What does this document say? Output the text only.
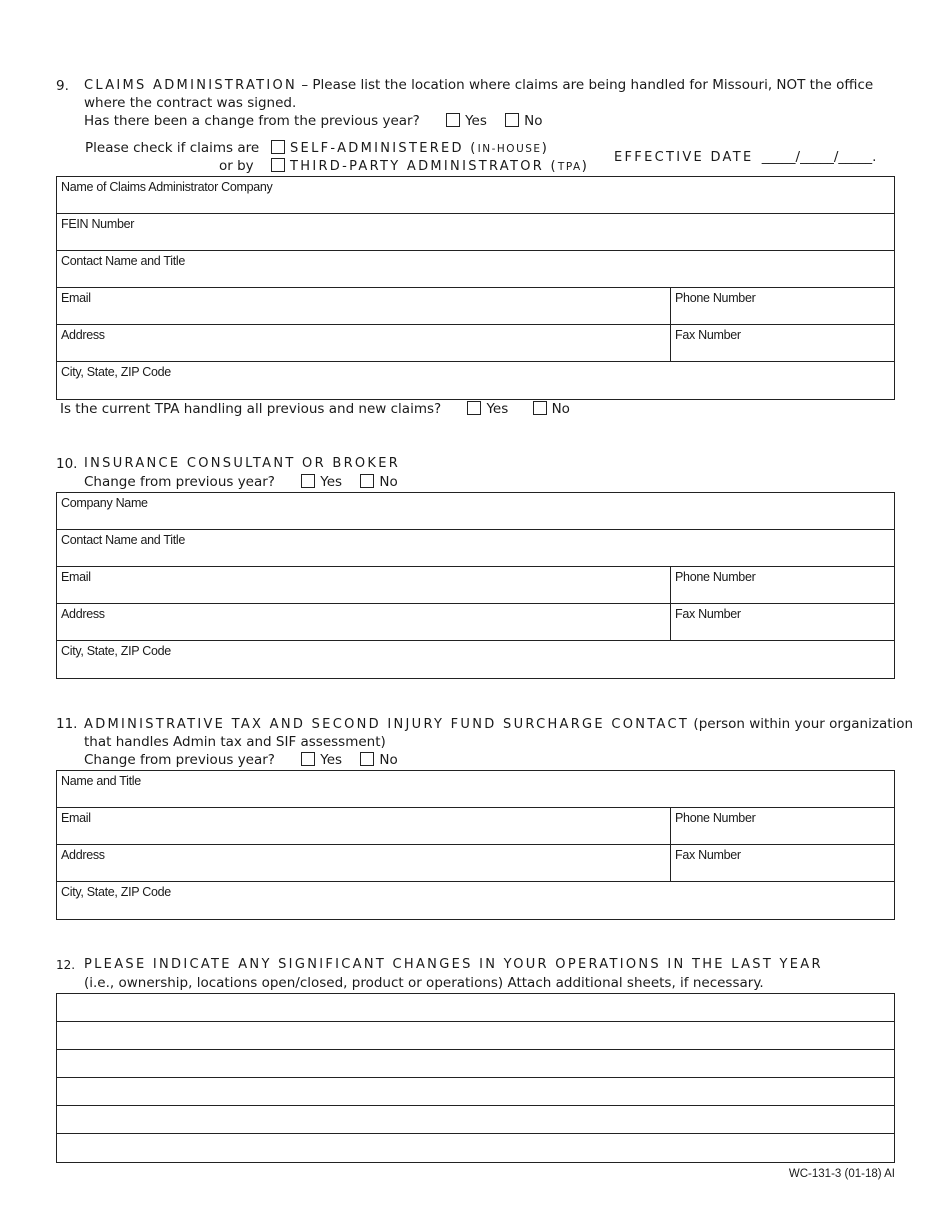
9. CLAIMS ADMINISTRATION – Please list the location where claims are being handled for Missouri, NOT the office
where the contract was signed.
Has there been a change from the previous year?	Yes	No
Please check if claims are
or by
SELF-ADMINISTERED (IN-HOUSE)
THIRD-PARTY ADMINISTRATOR (TPA)
EFFECTIVE DATE _____/_____/_____.
Name of Claims Administrator Company
FEIN Number
Contact Name and Title
Email	Phone Number
Address	Fax Number
City, State, ZIP Code
Is the current TPA handling all previous and new claims?	Yes	No
10. INSURANCE CONSULTANT OR BROKER
Change from previous year?	Yes	No
Company Name
Contact Name and Title
Email	Phone Number
Address	Fax Number
City, State, ZIP Code
11. ADMINISTRATIVE TAX AND SECOND INJURY FUND SURCHARGE CONTACT (person within your organization
that handles Admin tax and SIF assessment)
Change from previous year?	Yes	No
Name and Title
Email	Phone Number
Address	Fax Number
City, State, ZIP Code
12. PLEASE INDICATE ANY SIGNIFICANT CHANGES IN YOUR OPERATIONS IN THE LAST YEAR
(i.e., ownership, locations open/closed, product or operations) Attach additional sheets, if necessary.
WC-131-3 (01-18) AI
